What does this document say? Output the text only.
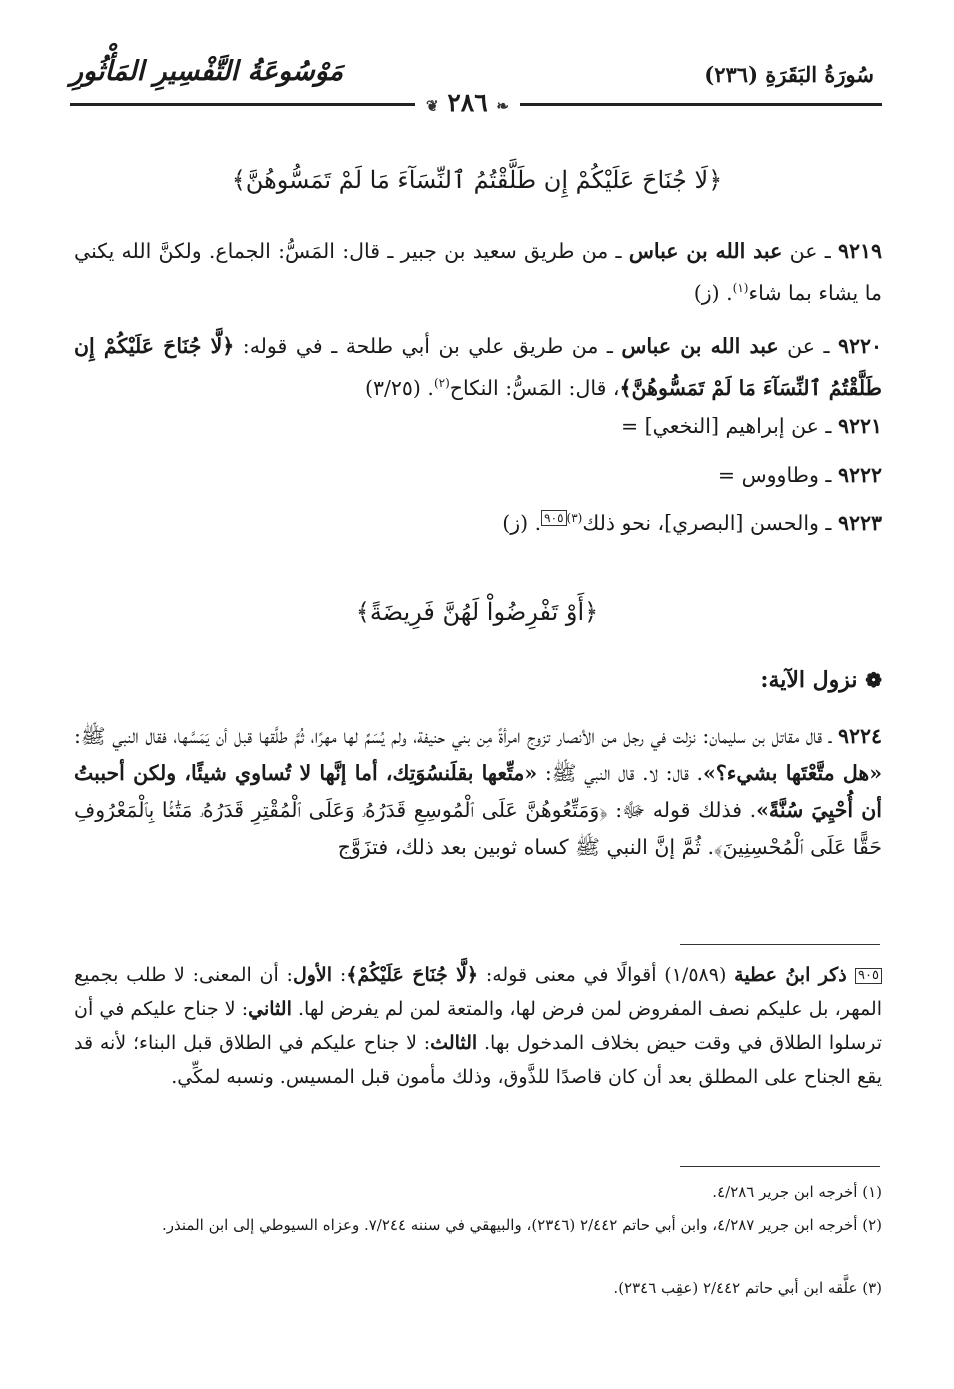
سُورَةُ البَقَرَةِ (٢٣٦)
مَوْسُوعَةُ التَّفْسِيرِ المَأْثُورِ
❦ ٢٨٦ ❧
﴿لَا جُنَاحَ عَلَيْكُمْ إِن طَلَّقْتُمُ ٱلنِّسَآءَ مَا لَمْ تَمَسُّوهُنَّ﴾
٩٢١٩ ـ عن عبد الله بن عباس ـ من طريق سعيد بن جبير ـ قال: المَسُّ: الجماع. ولكنَّ الله يكني ما يشاء بما شاء$^{(١)}$. (ز)
٩٢٢٠ ـ عن عبد الله بن عباس ـ من طريق علي بن أبي طلحة ـ في قوله: ﴿لَّا جُنَاحَ عَلَيْكُمْ إِن طَلَّقْتُمُ ٱلنِّسَآءَ مَا لَمْ تَمَسُّوهُنَّ﴾، قال: المَسُّ: النكاح$^{(٢)}$. (٣/٢٥)
٩٢٢١ ـ عن إبراهيم [النخعي] =
٩٢٢٢ ـ وطاووس =
٩٢٢٣ ـ والحسن [البصري]، نحو ذلك$^{(٣)}$٩٠٥. (ز)
﴿أَوْ تَفْرِضُواْ لَهُنَّ فَرِيضَةً﴾
❁ نزول الآية:
٩٢٢٤ ـ قال مقاتل بن سليمان: نزلت في رجل من الأنصار تزوج امرأةً مِن بني حنيفة، ولم يُسَمِّ لها مهرًا، ثُمَّ طلَّقها قبل أن يَمَسَّها، فقال النبي ﷺ: «هل متَّعْتَها بشيء؟». قال: لا. قال النبي ﷺ: «متِّعها بقلَنسُوَتِك، أما إنَّها لا تُساوي شيئًا، ولكن أحببتُ أن أُحْيِيَ سُنَّةً». فذلك قوله ﷻ: ﴿وَمَتِّعُوهُنَّ عَلَى ٱلْمُوسِعِ قَدَرُهُۥ وَعَلَى ٱلْمُقْتِرِ قَدَرُهُۥ مَتَٰعًۢا بِٱلْمَعْرُوفِ حَقًّا عَلَى ٱلْمُحْسِنِينَ﴾. ثُمَّ إنَّ النبي ﷺ كساه ثوبين بعد ذلك، فتزَوَّج
٩٠٥ ذكر ابنُ عطية (١/٥٨٩) أقوالًا في معنى قوله: ﴿لَّا جُنَاحَ عَلَيْكُمْ﴾: الأول: أن المعنى: لا طلب بجميع المهر، بل عليكم نصف المفروض لمن فرض لها، والمتعة لمن لم يفرض لها. الثاني: لا جناح عليكم في أن ترسلوا الطلاق في وقت حيض بخلاف المدخول بها. الثالث: لا جناح عليكم في الطلاق قبل البناء؛ لأنه قد يقع الجناح على المطلق بعد أن كان قاصدًا للذَّوق، وذلك مأمون قبل المسيس. ونسبه لمكِّي.
(١) أخرجه ابن جرير ٤/٢٨٦.
(٢) أخرجه ابن جرير ٤/٢٨٧، وابن أبي حاتم ٢/٤٤٢ (٢٣٤٦)، والبيهقي في سننه ٧/٢٤٤. وعزاه السيوطي إلى ابن المنذر.
(٣) علَّقه ابن أبي حاتم ٢/٤٤٢ (عقِب ٢٣٤٦).
